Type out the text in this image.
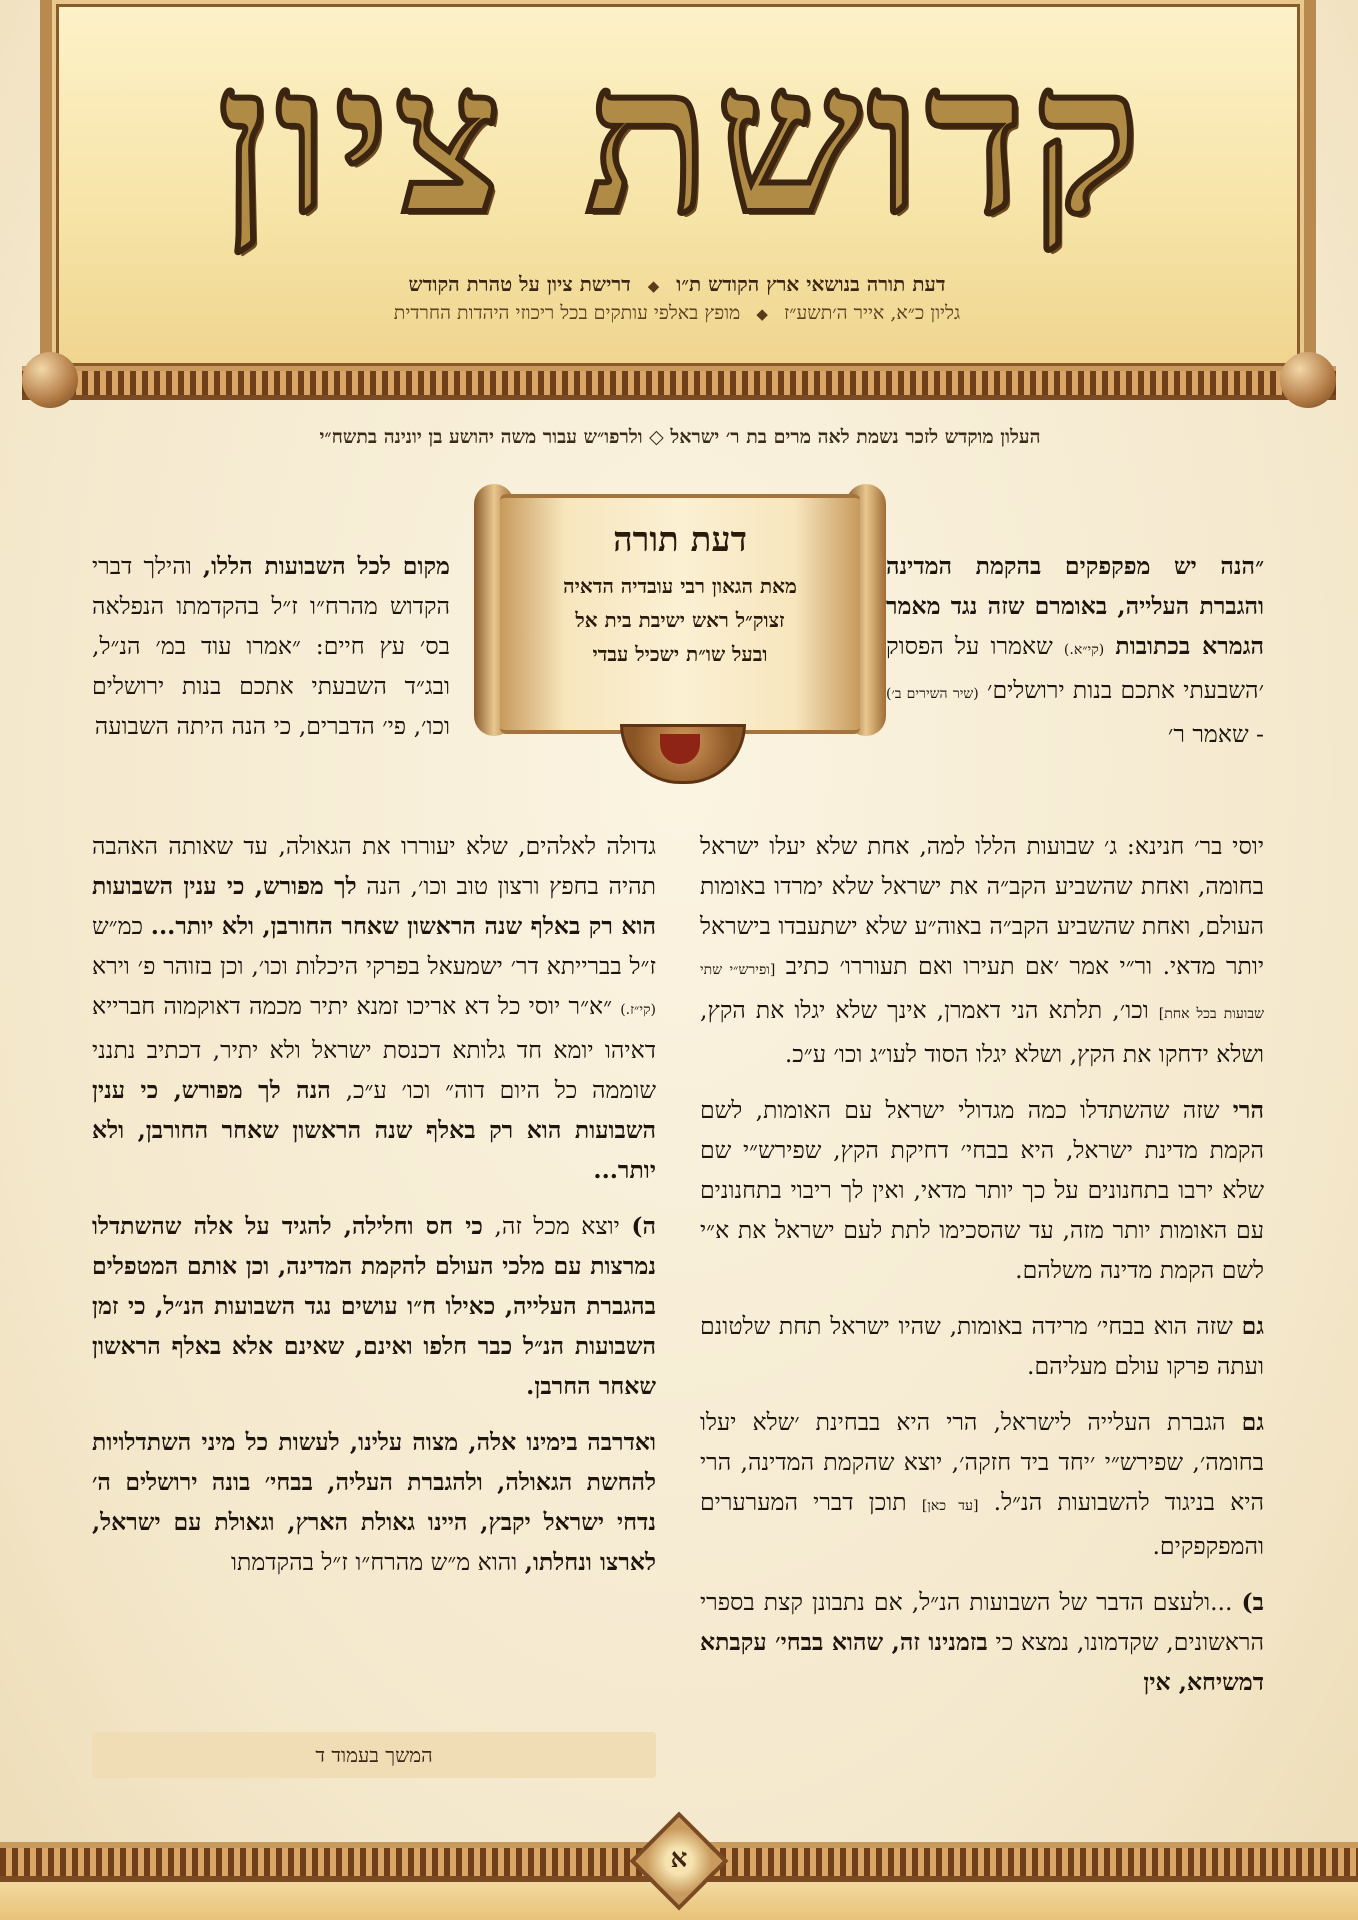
קדושת ציון
דעת תורה בנושאי ארץ הקודש ת״ו ◆ דרישת ציון על טהרת הקודש
גליון כ״א, אייר ה׳תשע״ז ◆ מופץ באלפי עותקים בכל ריכוזי היהדות החרדית
העלון מוקדש לזכר נשמת לאה מרים בת ר׳ ישראל ◇ ולרפו״ש עבור משה יהושע בן יונינה בתשח״י
דעת תורה
מאת הגאון רבי עובדיה הדאיה
זצוק״ל ראש ישיבת בית אל
ובעל שו״ת ישכיל עבדי

״הנה יש מפקפקים בהקמת המדינה והגברת העלייה, באומרם שזה נגד מאמר הגמרא בכתובות (קי״א.) שאמרו על הפסוק ׳השבעתי אתכם בנות ירושלים׳ (שיר השירים ב׳) - שאמר ר׳

יוסי בר׳ חנינא: ג׳ שבועות הללו למה, אחת שלא יעלו ישראל בחומה, ואחת שהשביע הקב״ה את ישראל שלא ימרדו באומות העולם, ואחת שהשביע הקב״ה באוה״ע שלא ישתעבדו בישראל יותר מדאי. ור״י אמר ׳אם תעירו ואם תעוררו׳ כתיב [ופירש״י שתי שבועות בכל אחת] וכו׳, תלתא הני דאמרן, אינך שלא יגלו את הקץ, ושלא ידחקו את הקץ, ושלא יגלו הסוד לעו״ג וכו׳ ע״כ.

הרי שזה שהשתדלו כמה מגדולי ישראל עם האומות, לשם הקמת מדינת ישראל, היא בבחי׳ דחיקת הקץ, שפירש״י שם שלא ירבו בתחנונים על כך יותר מדאי, ואין לך ריבוי בתחנונים עם האומות יותר מזה, עד שהסכימו לתת לעם ישראל את א״י לשם הקמת מדינה משלהם.

גם שזה הוא בבחי׳ מרידה באומות, שהיו ישראל תחת שלטונם ועתה פרקו עולם מעליהם.

גם הגברת העלייה לישראל, הרי היא בבחינת ׳שלא יעלו בחומה׳, שפירש״י ׳יחד ביד חזקה׳, יוצא שהקמת המדינה, הרי היא בניגוד להשבועות הנ״ל. [עד כאן] תוכן דברי המערערים והמפקפקים.

ב) ...ולעצם הדבר של השבועות הנ״ל, אם נתבונן קצת בספרי הראשונים, שקדמונו, נמצא כי בזמנינו זה, שהוא בבחי׳ עקבתא דמשיחא, אין

מקום לכל השבועות הללו, והילך דברי הקדוש מהרח״ו ז״ל בהקדמתו הנפלאה בס׳ עץ חיים: ״אמרו עוד במ׳ הנ״ל, ובג״ד השבעתי אתכם בנות ירושלים וכו׳, פי׳ הדברים, כי הנה היתה השבועה

גדולה לאלהים, שלא יעוררו את הגאולה, עד שאותה האהבה תהיה בחפץ ורצון טוב וכו׳, הנה לך מפורש, כי ענין השבועות הוא רק באלף שנה הראשון שאחר החורבן, ולא יותר... כמ״ש ז״ל בברייתא דר׳ ישמעאל בפרקי היכלות וכו׳, וכן בזוהר פ׳ וירא (קי״ז.) ״א״ר יוסי כל דא אריכו זמנא יתיר מכמה דאוקמוה חברייא דאיהו יומא חד גלותא דכנסת ישראל ולא יתיר, דכתיב נתנני שוממה כל היום דוה״ וכו׳ ע״כ, הנה לך מפורש, כי ענין השבועות הוא רק באלף שנה הראשון שאחר החורבן, ולא יותר...

ה) יוצא מכל זה, כי חס וחלילה, להגיד על אלה שהשתדלו נמרצות עם מלכי העולם להקמת המדינה, וכן אותם המטפלים בהגברת העלייה, כאילו ח״ו עושים נגד השבועות הנ״ל, כי זמן השבועות הנ״ל כבר חלפו ואינם, שאינם אלא באלף הראשון שאחר החרבן.

ואדרבה בימינו אלה, מצוה עלינו, לעשות כל מיני השתדלויות להחשת הגאולה, ולהגברת העליה, בבחי׳ בונה ירושלים ה׳ נדחי ישראל יקבץ, היינו גאולת הארץ, וגאולת עם ישראל, לארצו ונחלתו, והוא מ״ש מהרח״ו ז״ל בהקדמתו

המשך בעמוד ד
א
